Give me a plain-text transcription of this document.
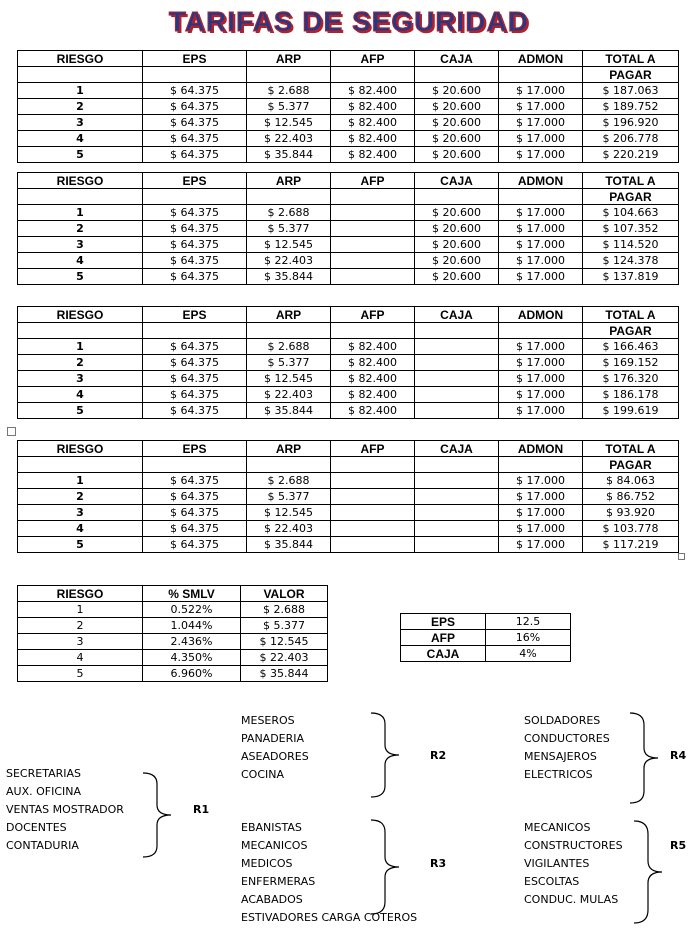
TARIFAS DE SEGURIDAD
RIESGO	EPS	ARP	AFP	CAJA	ADMON	TOTAL A
						PAGAR
1	$ 64.375	$ 2.688	$ 82.400	$ 20.600	$ 17.000	$ 187.063
2	$ 64.375	$ 5.377	$ 82.400	$ 20.600	$ 17.000	$ 189.752
3	$ 64.375	$ 12.545	$ 82.400	$ 20.600	$ 17.000	$ 196.920
4	$ 64.375	$ 22.403	$ 82.400	$ 20.600	$ 17.000	$ 206.778
5	$ 64.375	$ 35.844	$ 82.400	$ 20.600	$ 17.000	$ 220.219
RIESGO	EPS	ARP	AFP	CAJA	ADMON	TOTAL A
						PAGAR
1	$ 64.375	$ 2.688		$ 20.600	$ 17.000	$ 104.663
2	$ 64.375	$ 5.377		$ 20.600	$ 17.000	$ 107.352
3	$ 64.375	$ 12.545		$ 20.600	$ 17.000	$ 114.520
4	$ 64.375	$ 22.403		$ 20.600	$ 17.000	$ 124.378
5	$ 64.375	$ 35.844		$ 20.600	$ 17.000	$ 137.819
RIESGO	EPS	ARP	AFP	CAJA	ADMON	TOTAL A
						PAGAR
1	$ 64.375	$ 2.688	$ 82.400		$ 17.000	$ 166.463
2	$ 64.375	$ 5.377	$ 82.400		$ 17.000	$ 169.152
3	$ 64.375	$ 12.545	$ 82.400		$ 17.000	$ 176.320
4	$ 64.375	$ 22.403	$ 82.400		$ 17.000	$ 186.178
5	$ 64.375	$ 35.844	$ 82.400		$ 17.000	$ 199.619
RIESGO	EPS	ARP	AFP	CAJA	ADMON	TOTAL A
						PAGAR
1	$ 64.375	$ 2.688			$ 17.000	$ 84.063
2	$ 64.375	$ 5.377			$ 17.000	$ 86.752
3	$ 64.375	$ 12.545			$ 17.000	$ 93.920
4	$ 64.375	$ 22.403			$ 17.000	$ 103.778
5	$ 64.375	$ 35.844			$ 17.000	$ 117.219
RIESGO	% SMLV	VALOR
1	0.522%	$ 2.688
2	1.044%	$ 5.377
3	2.436%	$ 12.545
4	4.350%	$ 22.403
5	6.960%	$ 35.844
EPS	12.5
AFP	16%
CAJA	4%
SECRETARIAS
AUX. OFICINA
VENTAS MOSTRADOR
DOCENTES
CONTADURIA
MESEROS
PANADERIA
ASEADORES
COCINA
EBANISTAS
MECANICOS
MEDICOS
ENFERMERAS
ACABADOS
ESTIVADORES CARGA COTEROS
SOLDADORES
CONDUCTORES
MENSAJEROS
ELECTRICOS
MECANICOS
CONSTRUCTORES
VIGILANTES
ESCOLTAS
CONDUC. MULAS
R1
R2
R3
R4
R5
